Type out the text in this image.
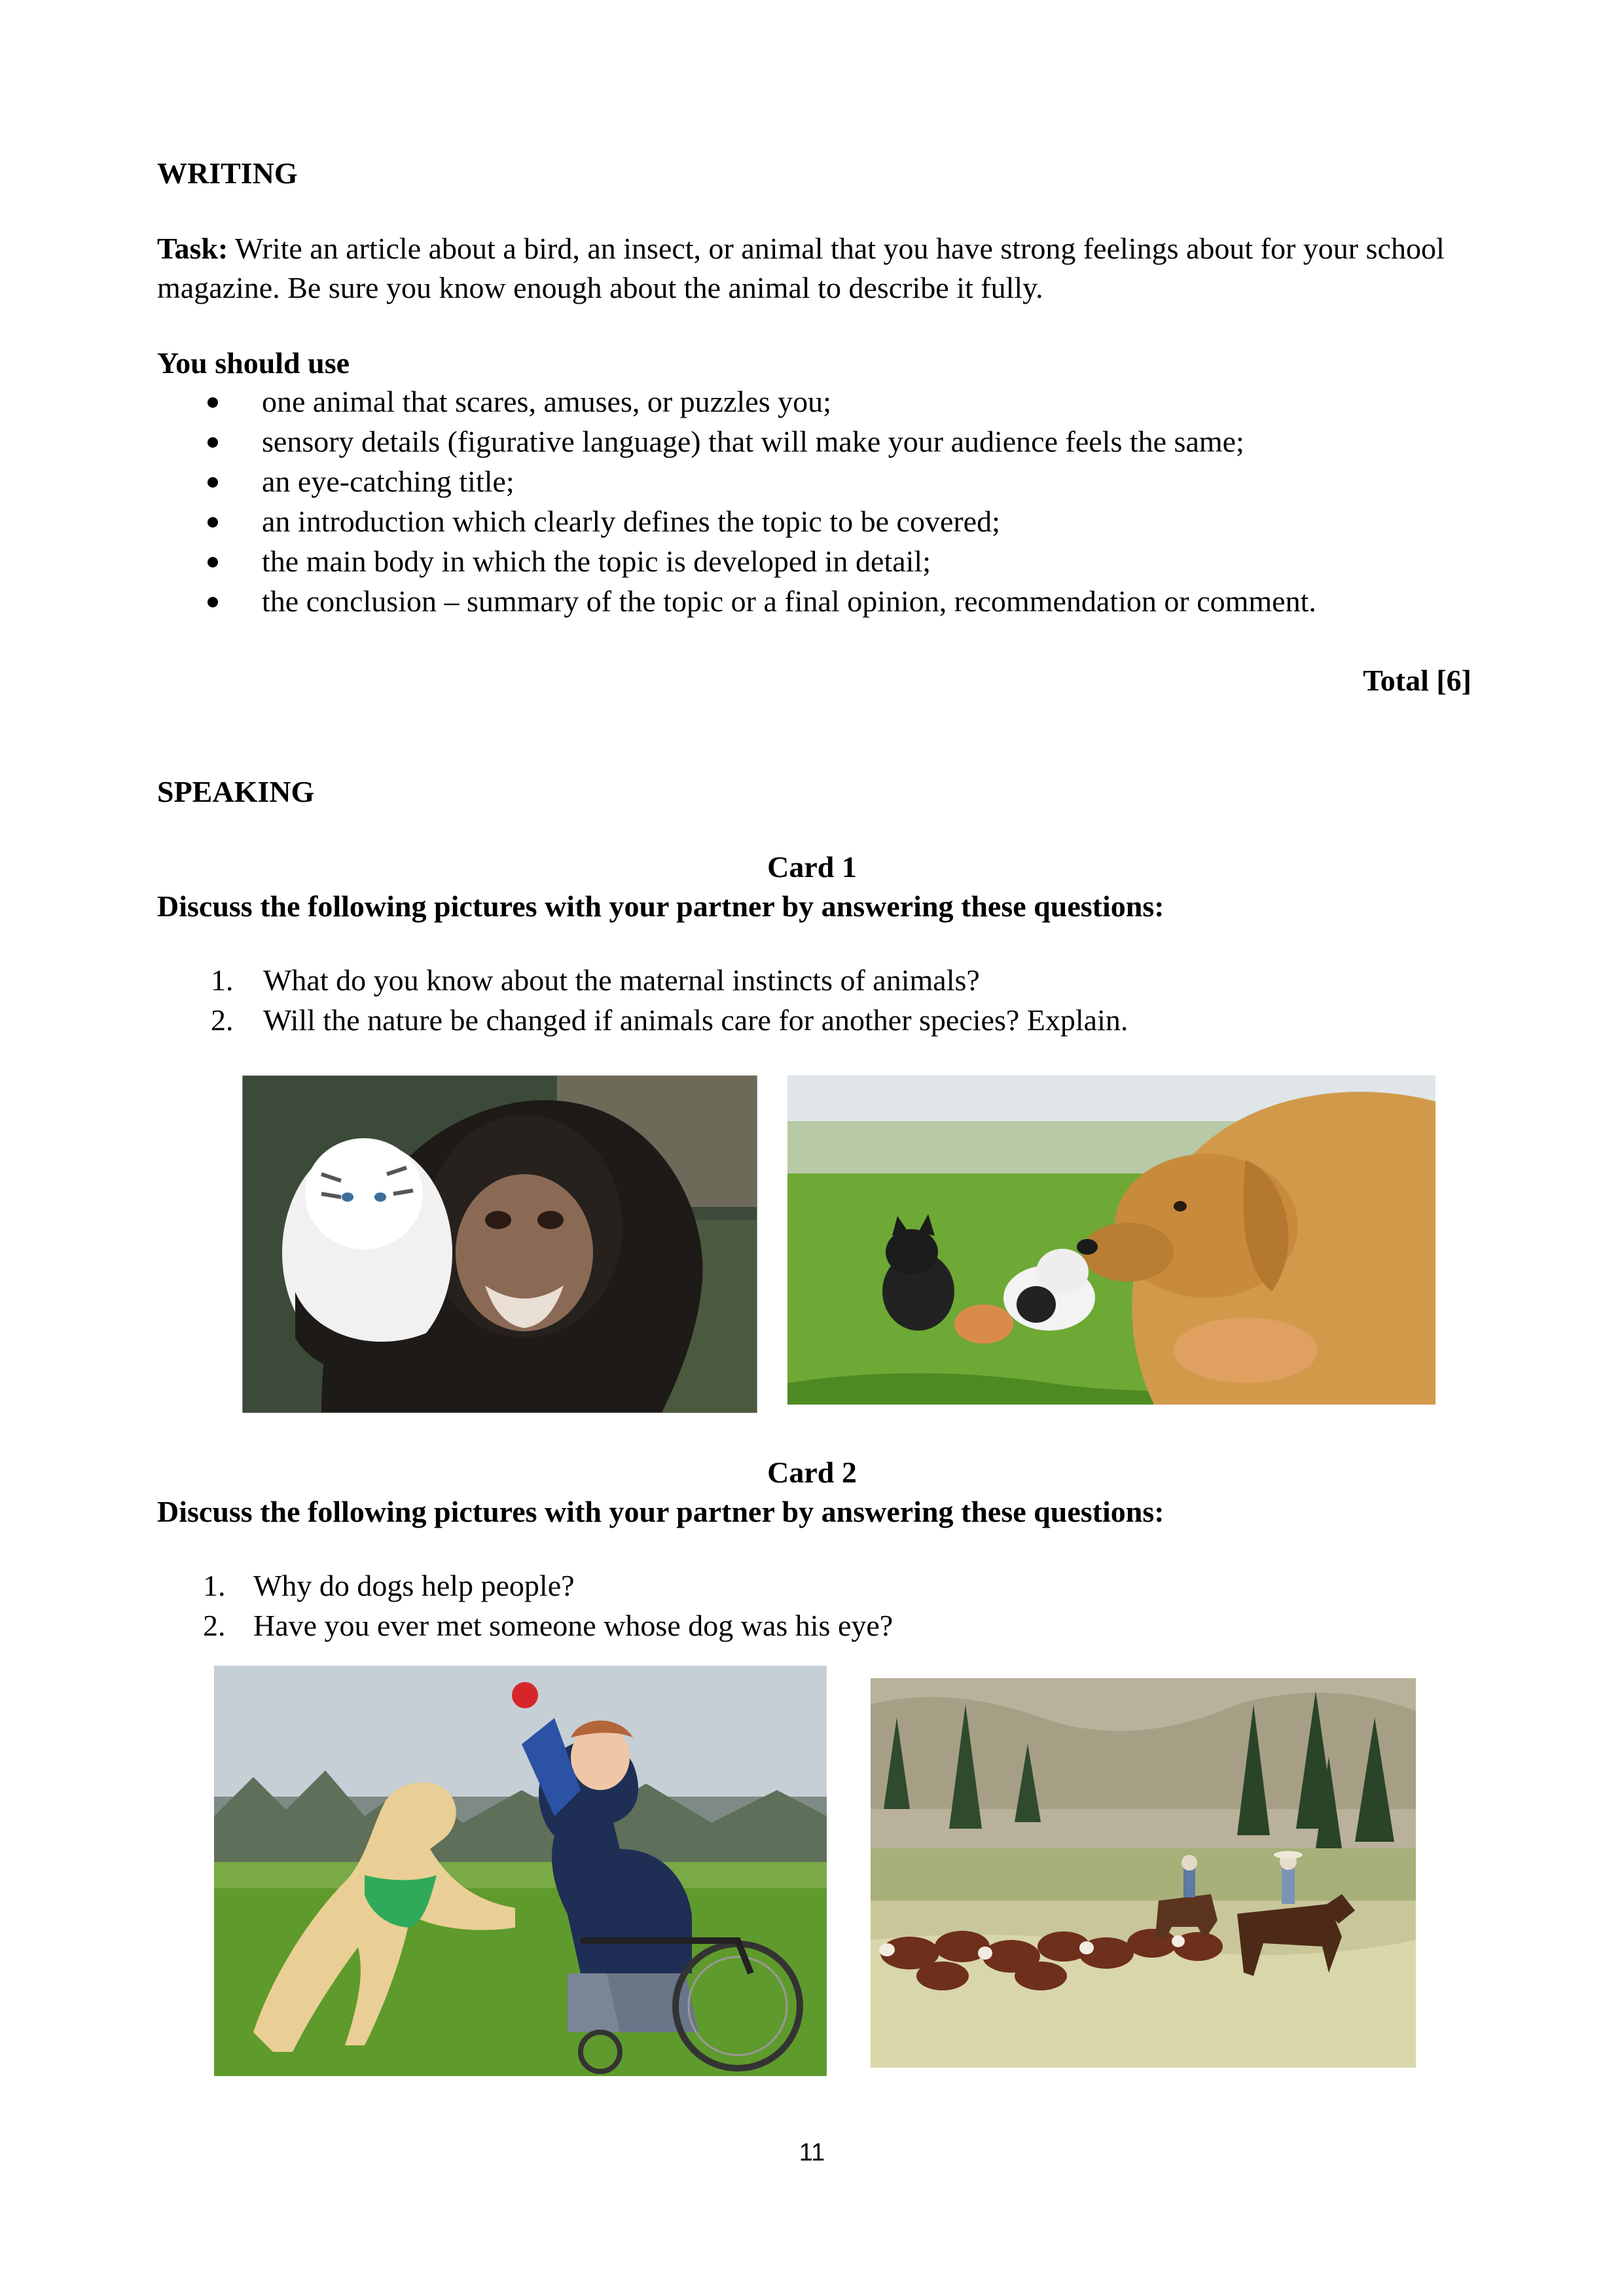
WRITING
Task: Write an article about a bird, an insect, or animal that you have strong feelings about for your school magazine. Be sure you know enough about the animal to describe it fully.
You should use
one animal that scares, amuses, or puzzles you;
sensory details (figurative language) that will make your audience feels the same;
an eye-catching title;
an introduction which clearly defines the topic to be covered;
the main body in which the topic is developed in detail;
the conclusion – summary of the topic or a final opinion, recommendation or comment.
Total [6]
SPEAKING
Card 1
Discuss the following pictures with your partner by answering these questions:
1. What do you know about the maternal instincts of animals?
2. Will the nature be changed if animals care for another species? Explain.
Card 2
Discuss the following pictures with your partner by answering these questions:
1. Why do dogs help people?
2. Have you ever met someone whose dog was his eye?
11
